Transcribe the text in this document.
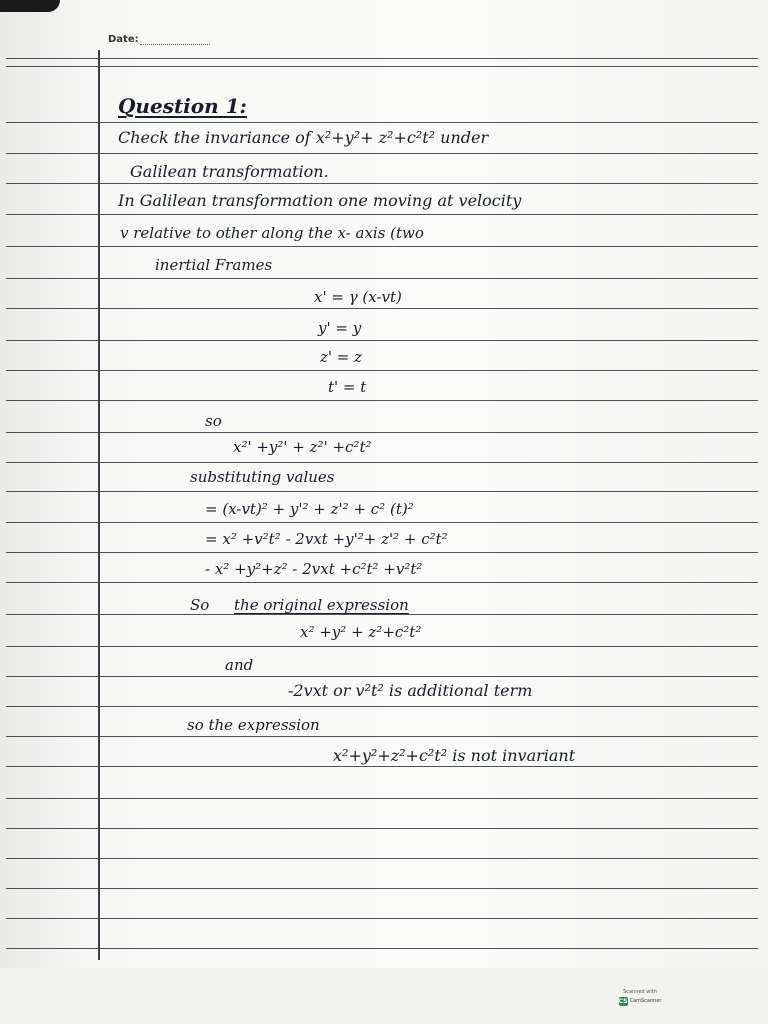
Date:
Question 1:
Check the invariance of x²+y²+ z²+c²t² under
Galilean transformation.
In Galilean transformation one moving at velocity
v relative to other along the x- axis (two
inertial Frames
x' = γ (x-vt)
y' = y
z' = z
t' = t
so
x²' +y²' + z²' +c²t²
substituting values
= (x-vt)² + y'² + z'² + c² (t)²
= x² +v²t² - 2vxt +y'²+ z'² + c²t²
- x² +y²+z² - 2vxt +c²t² +v²t²
So the original expression
x² +y² + z²+c²t²
and
-2vxt or v²t² is additional term
so the expression
x²+y²+z²+c²t² is not invariant
Scanned with
CS CamScanner
